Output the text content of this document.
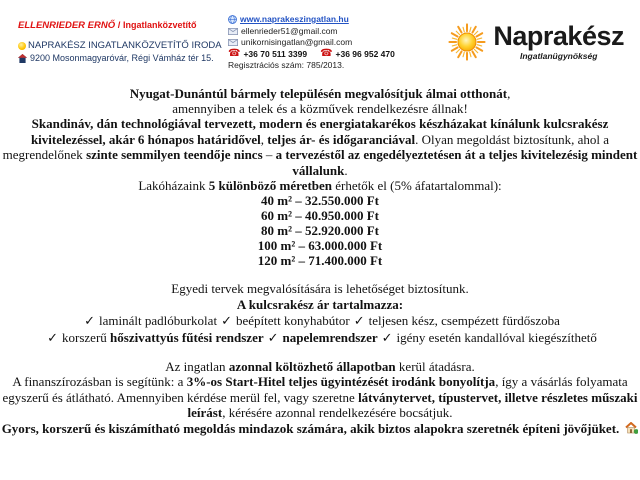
ELLENRIEDER ERNŐ / Ingatlanközvetítő
NAPRAKÉSZ INGATLANKÖZVETÍTŐ IRODA
9200 Mosonmagyaróvár, Régi Vámház tér 15.
www.naprakeszingatlan.hu
ellenrieder51@gmail.com
unikornisingatlan@gmail.com
☎ +36 70 511 3399 ☎ +36 96 952 470
Regisztrációs szám: 785/2013.
Naprakész
Ingatlanügynökség

Nyugat-Dunántúl bármely településén megvalósítjuk álmai otthonát,
amennyiben a telek és a közművek rendelkezésre állnak!

Skandináv, dán technológiával tervezett, modern és energiatakarékos készházakat kínálunk kulcsrakész kivitelezéssel, akár 6 hónapos határidővel, teljes ár- és időgaranciával. Olyan megoldást biztosítunk, ahol a megrendelőnek szinte semmilyen teendője nincs – a tervezéstől az engedélyeztetésen át a teljes kivitelezésig mindent vállalunk.

Lakóházaink 5 különböző méretben érhetők el (5% áfatartalommal):
40 m² – 32.550.000 Ft
60 m² – 40.950.000 Ft
80 m² – 52.920.000 Ft
100 m² – 63.000.000 Ft
120 m² – 71.400.000 Ft
Egyedi tervek megvalósítására is lehetőséget biztosítunk.
A kulcsrakész ár tartalmazza:
✓ laminált padlóburkolat ✓ beépített konyhabútor ✓ teljesen kész, csempézett fürdőszoba
✓ korszerű hőszivattyús fűtési rendszer ✓ napelemrendszer ✓ igény esetén kandallóval kiegészíthető

Az ingatlan azonnal költözhető állapotban kerül átadásra.

A finanszírozásban is segítünk: a 3%-os Start-Hitel teljes ügyintézését irodánk bonyolítja, így a vásárlás folyamata egyszerű és átlátható. Amennyiben kérdése merül fel, vagy szeretne látványtervet, típustervet, illetve részletes műszaki leírást, kérésére azonnal rendelkezésére bocsátjuk.

Gyors, korszerű és kiszámítható megoldás mindazok számára, akik biztos alapokra szeretnék építeni jövőjüket.
